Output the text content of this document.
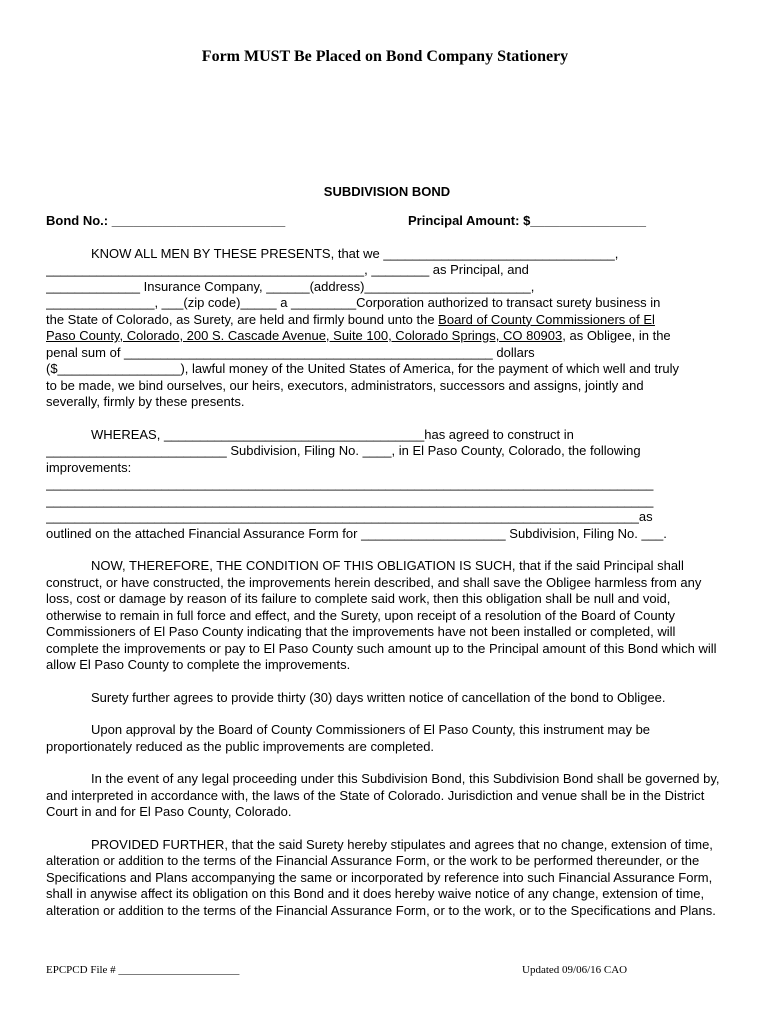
Form MUST Be Placed on Bond Company Stationery
SUBDIVISION BOND
Bond No.: ________________________	Principal Amount: $________________

KNOW ALL MEN BY THESE PRESENTS, that we ________________________________,
____________________________________________, ________ as Principal, and
_____________ Insurance Company, ______(address)_______________________,
_______________, ___(zip code)_____ a _________Corporation authorized to transact surety business in
the State of Colorado, as Surety, are held and firmly bound unto the Board of County Commissioners of El
Paso County, Colorado, 200 S. Cascade Avenue, Suite 100, Colorado Springs, CO 80903, as Obligee, in the
penal sum of ___________________________________________________ dollars
($_________________), lawful money of the United States of America, for the payment of which well and truly
to be made, we bind ourselves, our heirs, executors, administrators, successors and assigns, jointly and
severally, firmly by these presents.

WHEREAS, ____________________________________has agreed to construct in
_________________________ Subdivision, Filing No. ____, in El Paso County, Colorado, the following
improvements:
____________________________________________________________________________________
____________________________________________________________________________________
__________________________________________________________________________________as
outlined on the attached Financial Assurance Form for ____________________ Subdivision, Filing No. ___.

NOW, THEREFORE, THE CONDITION OF THIS OBLIGATION IS SUCH, that if the said Principal shall construct, or have constructed, the improvements herein described, and shall save the Obligee harmless from any loss, cost or damage by reason of its failure to complete said work, then this obligation shall be null and void, otherwise to remain in full force and effect, and the Surety, upon receipt of a resolution of the Board of County Commissioners of El Paso County indicating that the improvements have not been installed or completed, will complete the improvements or pay to El Paso County such amount up to the Principal amount of this Bond which will allow El Paso County to complete the improvements.

Surety further agrees to provide thirty (30) days written notice of cancellation of the bond to Obligee.

Upon approval by the Board of County Commissioners of El Paso County, this instrument may be proportionately reduced as the public improvements are completed.

In the event of any legal proceeding under this Subdivision Bond, this Subdivision Bond shall be governed by, and interpreted in accordance with, the laws of the State of Colorado. Jurisdiction and venue shall be in the District Court in and for El Paso County, Colorado.

PROVIDED FURTHER, that the said Surety hereby stipulates and agrees that no change, extension of time, alteration or addition to the terms of the Financial Assurance Form, or the work to be performed thereunder, or the Specifications and Plans accompanying the same or incorporated by reference into such Financial Assurance Form, shall in anywise affect its obligation on this Bond and it does hereby waive notice of any change, extension of time, alteration or addition to the terms of the Financial Assurance Form, or to the work, or to the Specifications and Plans.

EPCPCD File # ______________________	Updated 09/06/16 CAO
